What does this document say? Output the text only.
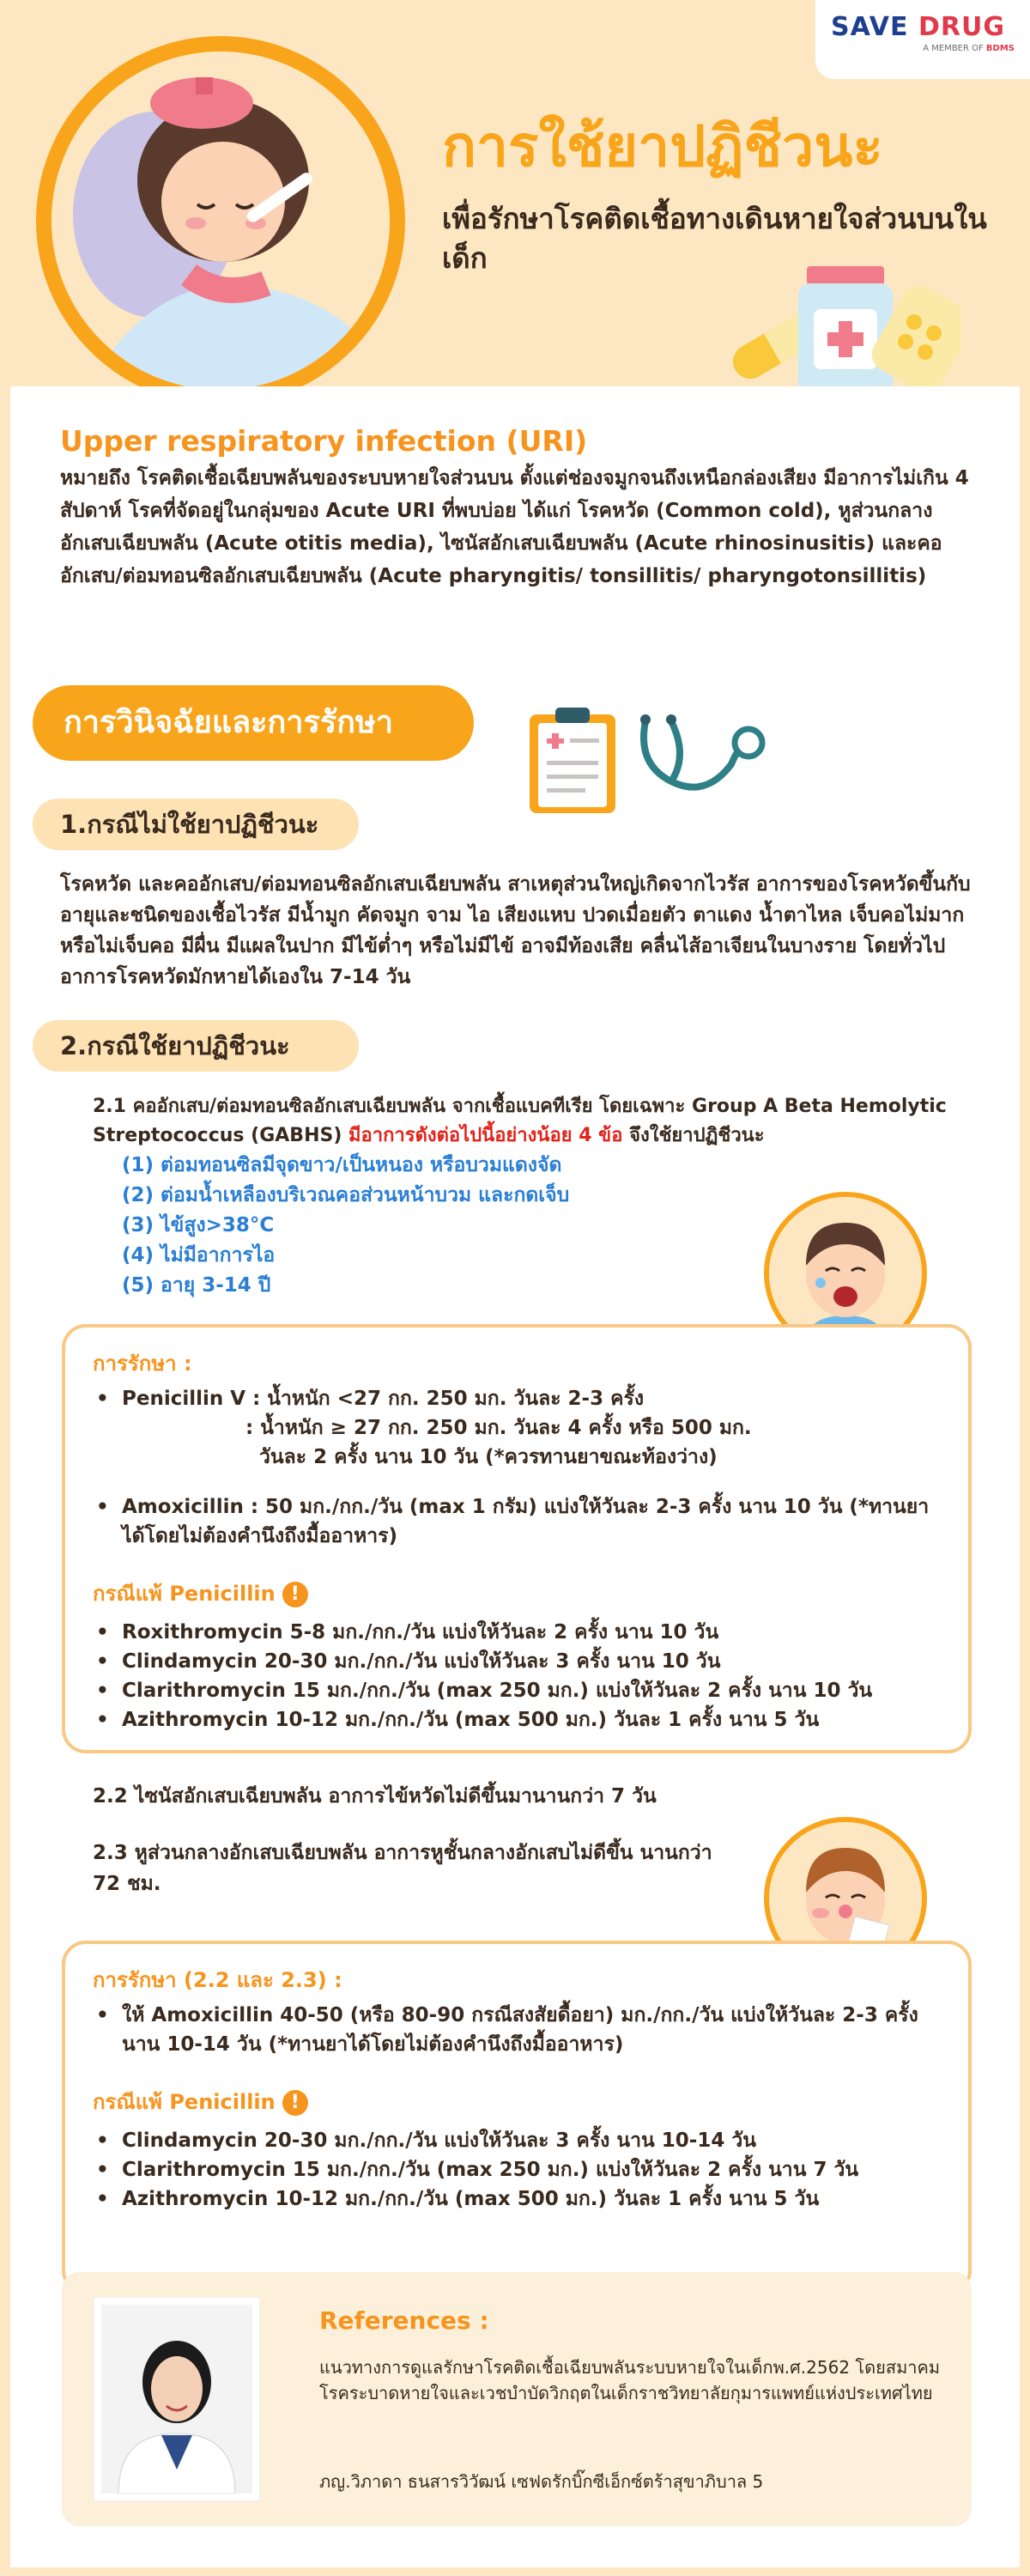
SAVE DRUG
A MEMBER OF BDMS
การใช้ยาปฏิชีวนะ
เพื่อรักษาโรคติดเชื้อทางเดินหายใจส่วนบนในเด็ก
Upper respiratory infection (URI)
หมายถึง โรคติดเชื้อเฉียบพลันของระบบหายใจส่วนบน ตั้งแต่ช่องจมูกจนถึงเหนือกล่องเสียง มีอาการไม่เกิน 4 สัปดาห์ โรคที่จัดอยู่ในกลุ่มของ Acute URI ที่พบบ่อย ได้แก่ โรคหวัด (Common cold), หูส่วนกลางอักเสบเฉียบพลัน (Acute otitis media), ไซนัสอักเสบเฉียบพลัน (Acute rhinosinusitis) และคออักเสบ/ต่อมทอนซิลอักเสบเฉียบพลัน (Acute pharyngitis/ tonsillitis/ pharyngotonsillitis)
การวินิจฉัยและการรักษา
1.กรณีไม่ใช้ยาปฏิชีวนะ
โรคหวัด และคออักเสบ/ต่อมทอนซิลอักเสบเฉียบพลัน สาเหตุส่วนใหญ่เกิดจากไวรัส อาการของโรคหวัดขึ้นกับอายุและชนิดของเชื้อไวรัส มีน้ำมูก คัดจมูก จาม ไอ เสียงแหบ ปวดเมื่อยตัว ตาแดง น้ำตาไหล เจ็บคอไม่มากหรือไม่เจ็บคอ มีผื่น มีแผลในปาก มีไข้ต่ำๆ หรือไม่มีไข้ อาจมีท้องเสีย คลื่นไส้อาเจียนในบางราย โดยทั่วไปอาการโรคหวัดมักหายได้เองใน 7-14 วัน
2.กรณีใช้ยาปฏิชีวนะ
2.1 คออักเสบ/ต่อมทอนซิลอักเสบเฉียบพลัน จากเชื้อแบคทีเรีย โดยเฉพาะ Group A Beta Hemolytic Streptococcus (GABHS) มีอาการดังต่อไปนี้อย่างน้อย 4 ข้อ จึงใช้ยาปฏิชีวนะ
(1) ต่อมทอนซิลมีจุดขาว/เป็นหนอง หรือบวมแดงจัด
(2) ต่อมน้ำเหลืองบริเวณคอส่วนหน้าบวม และกดเจ็บ
(3) ไข้สูง>38°C
(4) ไม่มีอาการไอ
(5) อายุ 3-14 ปี
การรักษา :
• Penicillin V : น้ำหนัก <27 กก. 250 มก. วันละ 2-3 ครั้ง
: น้ำหนัก ≥ 27 กก. 250 มก. วันละ 4 ครั้ง หรือ 500 มก.
วันละ 2 ครั้ง นาน 10 วัน (*ควรทานยาขณะท้องว่าง)
• Amoxicillin : 50 มก./กก./วัน (max 1 กรัม) แบ่งให้วันละ 2-3 ครั้ง นาน 10 วัน (*ทานยาได้โดยไม่ต้องคำนึงถึงมื้ออาหาร)
กรณีแพ้ Penicillin !
• Roxithromycin 5-8 มก./กก./วัน แบ่งให้วันละ 2 ครั้ง นาน 10 วัน
• Clindamycin 20-30 มก./กก./วัน แบ่งให้วันละ 3 ครั้ง นาน 10 วัน
• Clarithromycin 15 มก./กก./วัน (max 250 มก.) แบ่งให้วันละ 2 ครั้ง นาน 10 วัน
• Azithromycin 10-12 มก./กก./วัน (max 500 มก.) วันละ 1 ครั้ง นาน 5 วัน
2.2 ไซนัสอักเสบเฉียบพลัน อาการไข้หวัดไม่ดีขึ้นมานานกว่า 7 วัน
2.3 หูส่วนกลางอักเสบเฉียบพลัน อาการหูชั้นกลางอักเสบไม่ดีขึ้น นานกว่า 72 ชม.
การรักษา (2.2 และ 2.3) :
• ให้ Amoxicillin 40-50 (หรือ 80-90 กรณีสงสัยดื้อยา) มก./กก./วัน แบ่งให้วันละ 2-3 ครั้ง นาน 10-14 วัน (*ทานยาได้โดยไม่ต้องคำนึงถึงมื้ออาหาร)
กรณีแพ้ Penicillin !
• Clindamycin 20-30 มก./กก./วัน แบ่งให้วันละ 3 ครั้ง นาน 10-14 วัน
• Clarithromycin 15 มก./กก./วัน (max 250 มก.) แบ่งให้วันละ 2 ครั้ง นาน 7 วัน
• Azithromycin 10-12 มก./กก./วัน (max 500 มก.) วันละ 1 ครั้ง นาน 5 วัน
References :
แนวทางการดูแลรักษาโรคติดเชื้อเฉียบพลันระบบหายใจในเด็กพ.ศ.2562 โดยสมาคมโรคระบาดหายใจและเวชบำบัดวิกฤตในเด็กราชวิทยาลัยกุมารแพทย์แห่งประเทศไทย
ภญ.วิภาดา ธนสารวิวัฒน์ เซฟดรักบิ๊กซีเอ็กซ์ตร้าสุขาภิบาล 5
